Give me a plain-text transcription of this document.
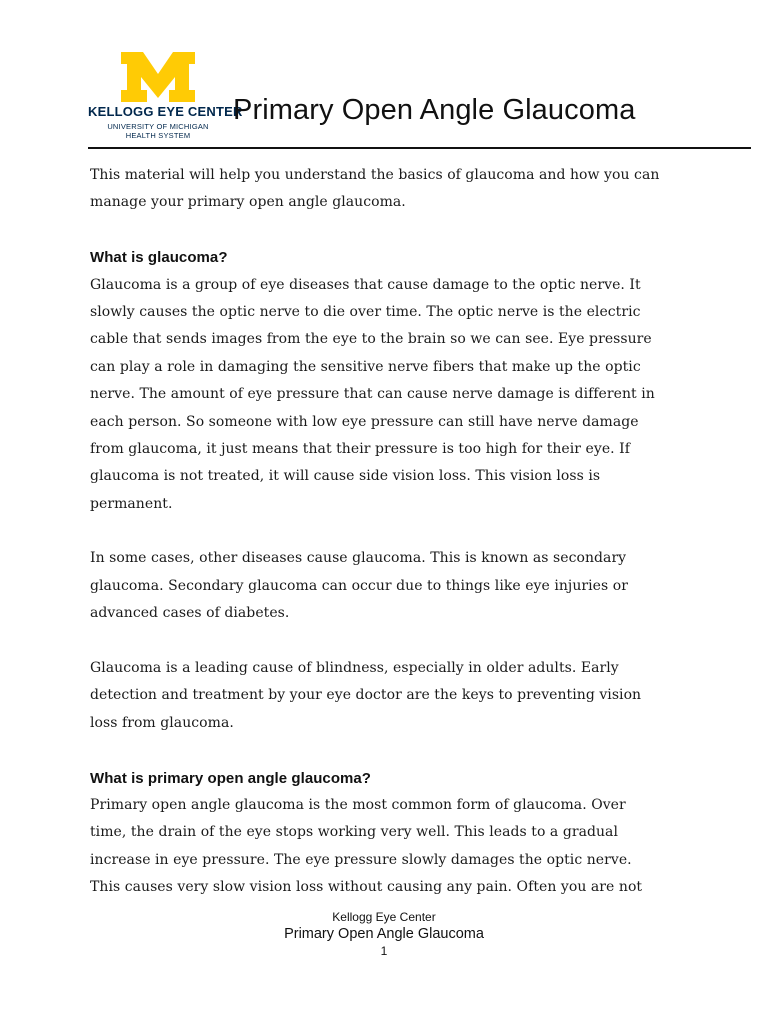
KELLOGG EYE CENTER
UNIVERSITY OF MICHIGAN
HEALTH SYSTEM
Primary Open Angle Glaucoma
This material will help you understand the basics of glaucoma and how you can
manage your primary open angle glaucoma.
What is glaucoma?
Glaucoma is a group of eye diseases that cause damage to the optic nerve. It
slowly causes the optic nerve to die over time. The optic nerve is the electric
cable that sends images from the eye to the brain so we can see. Eye pressure
can play a role in damaging the sensitive nerve fibers that make up the optic
nerve. The amount of eye pressure that can cause nerve damage is different in
each person. So someone with low eye pressure can still have nerve damage
from glaucoma, it just means that their pressure is too high for their eye. If
glaucoma is not treated, it will cause side vision loss. This vision loss is
permanent.
In some cases, other diseases cause glaucoma. This is known as secondary
glaucoma. Secondary glaucoma can occur due to things like eye injuries or
advanced cases of diabetes.
Glaucoma is a leading cause of blindness, especially in older adults. Early
detection and treatment by your eye doctor are the keys to preventing vision
loss from glaucoma.
What is primary open angle glaucoma?
Primary open angle glaucoma is the most common form of glaucoma. Over
time, the drain of the eye stops working very well. This leads to a gradual
increase in eye pressure. The eye pressure slowly damages the optic nerve.
This causes very slow vision loss without causing any pain. Often you are not
Kellogg Eye Center
Primary Open Angle Glaucoma
1
